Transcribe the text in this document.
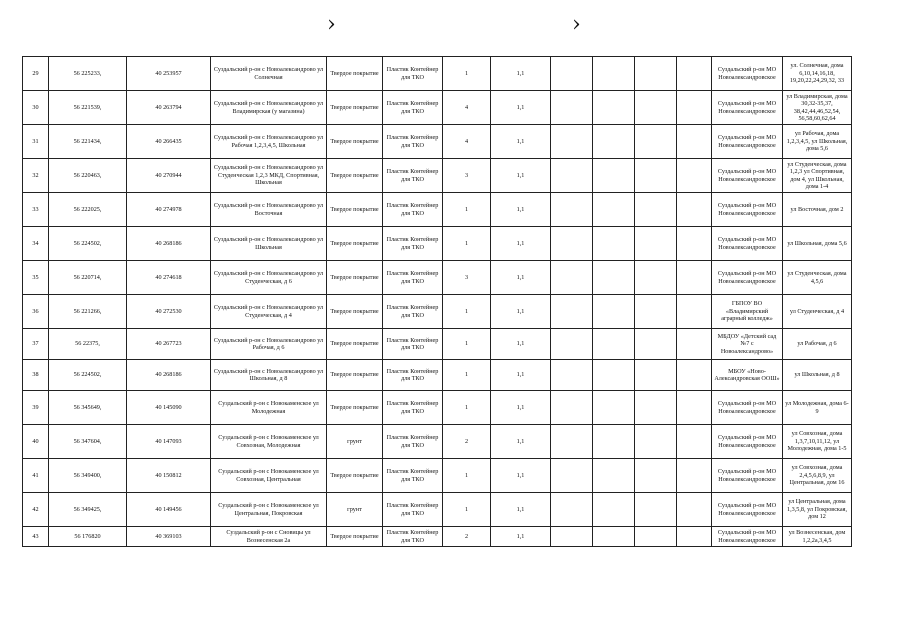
›	›
29	56 225233,	40 253957	Суздальский р-он с Новоалександрово ул Солнечная	Твердое покрытие	Пластик Контейнер для ТКО	1	1,1					Суздальский р-он МО Новоалександровское	ул. Солнечная, дома 6,10,14,16,18, 19,20,22,24,29,32, 33
30	56 221539,	40 263794	Суздальский р-он с Новоалександрово ул Владимирская (у магазина)	Твердое покрытие	Пластик Контейнер для ТКО	4	1,1					Суздальский р-он МО Новоалександровское	ул Владимирская, дома 30,32-35,37, 38,42,44,46,52,54, 56,58,60,62,64
31	56 221434,	40 266435	Суздальский р-он с Новоалександрово ул Рабочая 1,2,3,4,5, Школьная	Твердое покрытие	Пластик Контейнер для ТКО	4	1,1					Суздальский р-он МО Новоалександровское	ул Рабочая, дома 1,2,3,4,5, ул Школьная, дома 5,6
32	56 220463,	40 270944	Суздальский р-он с Новоалександрово ул Студенческая 1,2,3 МКД, Спортивная, Школьная	Твердое покрытие	Пластик Контейнер для ТКО	3	1,1					Суздальский р-он МО Новоалександровское	ул Студенческая, дома 1,2,3 ул Спортивная, дом 4, ул Школьная, дома 1-4
33	56 222025,	40 274978	Суздальский р-он с Новоалександрово ул Восточная	Твердое покрытие	Пластик Контейнер для ТКО	1	1,1					Суздальский р-он МО Новоалександровское	ул Восточная, дом 2
34	56 224502,	40 268186	Суздальский р-он с Новоалександрово ул Школьная	Твердое покрытие	Пластик Контейнер для ТКО	1	1,1					Суздальский р-он МО Новоалександровское	ул Школьная, дома 5,6
35	56 220714,	40 274618	Суздальский р-он с Новоалександрово ул Студенческая, д 6	Твердое покрытие	Пластик Контейнер для ТКО	3	1,1					Суздальский р-он МО Новоалександровское	ул Студенческая, дома 4,5,6
36	56 221266,	40 272530	Суздальский р-он с Новоалександрово ул Студенческая, д 4	Твердое покрытие	Пластик Контейнер для ТКО	1	1,1					ГБПОУ ВО «Владимирский аграрный колледж»	ул Студенческая, д 4
37	56 22375,	40 267723	Суздальский р-он с Новоалександрово ул Рабочая, д 6	Твердое покрытие	Пластик Контейнер для ТКО	1	1,1					МБДОУ «Детский сад №7 с Новоалександрово»	ул Рабочая, д 6
38	56 224502,	40 268186	Суздальский р-он с Новоалександрово ул Школьная, д 8	Твердое покрытие	Пластик Контейнер для ТКО	1	1,1					МБОУ «Ново-Александровская ООШ»	ул Школьная, д 8
39	56 345649,	40 145090	Суздальский р-он с Новокаменское ул Молодежная	Твердое покрытие	Пластик Контейнер для ТКО	1	1,1					Суздальский р-он МО Новоалександровское	ул Молодежная, дома 6-9
40	56 347604,	40 147093	Суздальский р-он с Новокаменское ул Совхозная, Молодежная	грунт	Пластик Контейнер для ТКО	2	1,1					Суздальский р-он МО Новоалександровское	ул Совхозная, дома 1,3,7,10,11,12, ул Молодежная, дома 1-5
41	56 349400,	40 150812	Суздальский р-он с Новокаменское ул Совхозная, Центральная	Твердое покрытие	Пластик Контейнер для ТКО	1	1,1					Суздальский р-он МО Новоалександровское	ул Совхозная, дома 2,4,5,6,8,9, ул Центральная, дом 16
42	56 349425,	40 149456	Суздальский р-он с Новокаменское ул Центральная, Покровская	грунт	Пластик Контейнер для ТКО	1	1,1					Суздальский р-он МО Новоалександровское	ул Центральная, дома 1,3,5,8, ул Покровская, дом 12
43	56 176820	40 369103	Суздальский р-он с Сновицы ул Вознесенская 2а	Твердое покрытие	Пластик Контейнер для ТКО	2	1,1					Суздальский р-он МО Новоалександровское	ул Вознесенская, дом 1,2,2а,3,4,5
